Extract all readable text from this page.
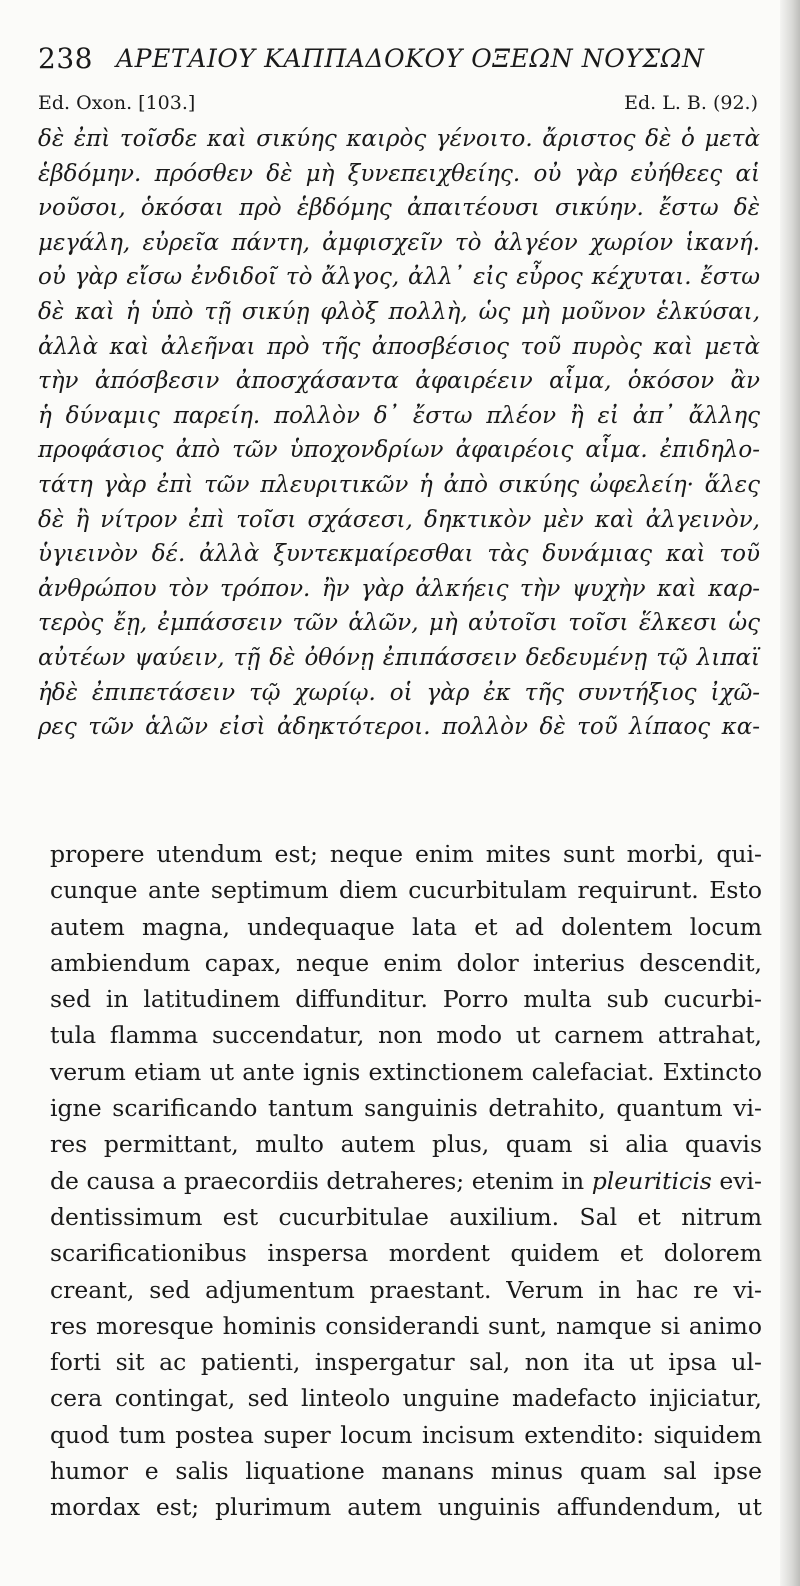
238 ΑΡΕΤΑΙΟΥ ΚΑΠΠΑΔΟΚΟΥ ΟΞΕΩΝ ΝΟΥΣΩΝ
Ed. Oxon. [103.]	Ed. L. B. (92.)
δὲ ἐπὶ τοῖσδε καὶ σικύης καιρὸς γένοιτο. ἄριστος δὲ ὁ μετὰ
ἑβδόμην. πρόσθεν δὲ μὴ ξυνεπειχθείης. οὐ γὰρ εὐήθεες αἱ
νοῦσοι, ὁκόσαι πρὸ ἑβδόμης ἀπαιτέουσι σικύην. ἔστω δὲ
μεγάλη, εὐρεῖα πάντη, ἀμφισχεῖν τὸ ἀλγέον χωρίον ἱκανή.
οὐ γὰρ εἴσω ἐνδιδοῖ τὸ ἄλγος, ἀλλ᾽ εἰς εὖρος κέχυται. ἔστω
δὲ καὶ ἡ ὑπὸ τῇ σικύῃ φλὸξ πολλὴ, ὡς μὴ μοῦνον ἑλκύσαι,
ἀλλὰ καὶ ἀλεῆναι πρὸ τῆς ἀποσβέσιος τοῦ πυρὸς καὶ μετὰ
τὴν ἀπόσβεσιν ἀποσχάσαντα ἀφαιρέειν αἷμα, ὁκόσον ἂν
ἡ δύναμις παρείη. πολλὸν δ᾽ ἔστω πλέον ἢ εἰ ἀπ᾽ ἄλλης
προφάσιος ἀπὸ τῶν ὑποχονδρίων ἀφαιρέοις αἷμα. ἐπιδηλο-
τάτη γὰρ ἐπὶ τῶν πλευριτικῶν ἡ ἀπὸ σικύης ὠφελείη· ἅλες
δὲ ἢ νίτρον ἐπὶ τοῖσι σχάσεσι, δηκτικὸν μὲν καὶ ἀλγεινὸν,
ὑγιεινὸν δέ. ἀλλὰ ξυντεκμαίρεσθαι τὰς δυνάμιας καὶ τοῦ
ἀνθρώπου τὸν τρόπον. ἢν γὰρ ἀλκήεις τὴν ψυχὴν καὶ καρ-
τερὸς ἔῃ, ἐμπάσσειν τῶν ἁλῶν, μὴ αὐτοῖσι τοῖσι ἕλκεσι ὡς
αὐτέων ψαύειν, τῇ δὲ ὀθόνῃ ἐπιπάσσειν δεδευμένῃ τῷ λιπαϊ
ἠδὲ ἐπιπετάσειν τῷ χωρίῳ. οἱ γὰρ ἐκ τῆς συντήξιος ἰχῶ-
ρες τῶν ἁλῶν εἰσὶ ἀδηκτότεροι. πολλὸν δὲ τοῦ λίπαος κα-
propere utendum est; neque enim mites sunt morbi, qui-
cunque ante septimum diem cucurbitulam requirunt. Esto
autem magna, undequaque lata et ad dolentem locum
ambiendum capax, neque enim dolor interius descendit,
sed in latitudinem diffunditur. Porro multa sub cucurbi-
tula flamma succendatur, non modo ut carnem attrahat,
verum etiam ut ante ignis extinctionem calefaciat. Extincto
igne scarificando tantum sanguinis detrahito, quantum vi-
res permittant, multo autem plus, quam si alia quavis
de causa a praecordiis detraheres; etenim in pleuriticis evi-
dentissimum est cucurbitulae auxilium. Sal et nitrum
scarificationibus inspersa mordent quidem et dolorem
creant, sed adjumentum praestant. Verum in hac re vi-
res moresque hominis considerandi sunt, namque si animo
forti sit ac patienti, inspergatur sal, non ita ut ipsa ul-
cera contingat, sed linteolo unguine madefacto injiciatur,
quod tum postea super locum incisum extendito: siquidem
humor e salis liquatione manans minus quam sal ipse
mordax est; plurimum autem unguinis affundendum, ut
